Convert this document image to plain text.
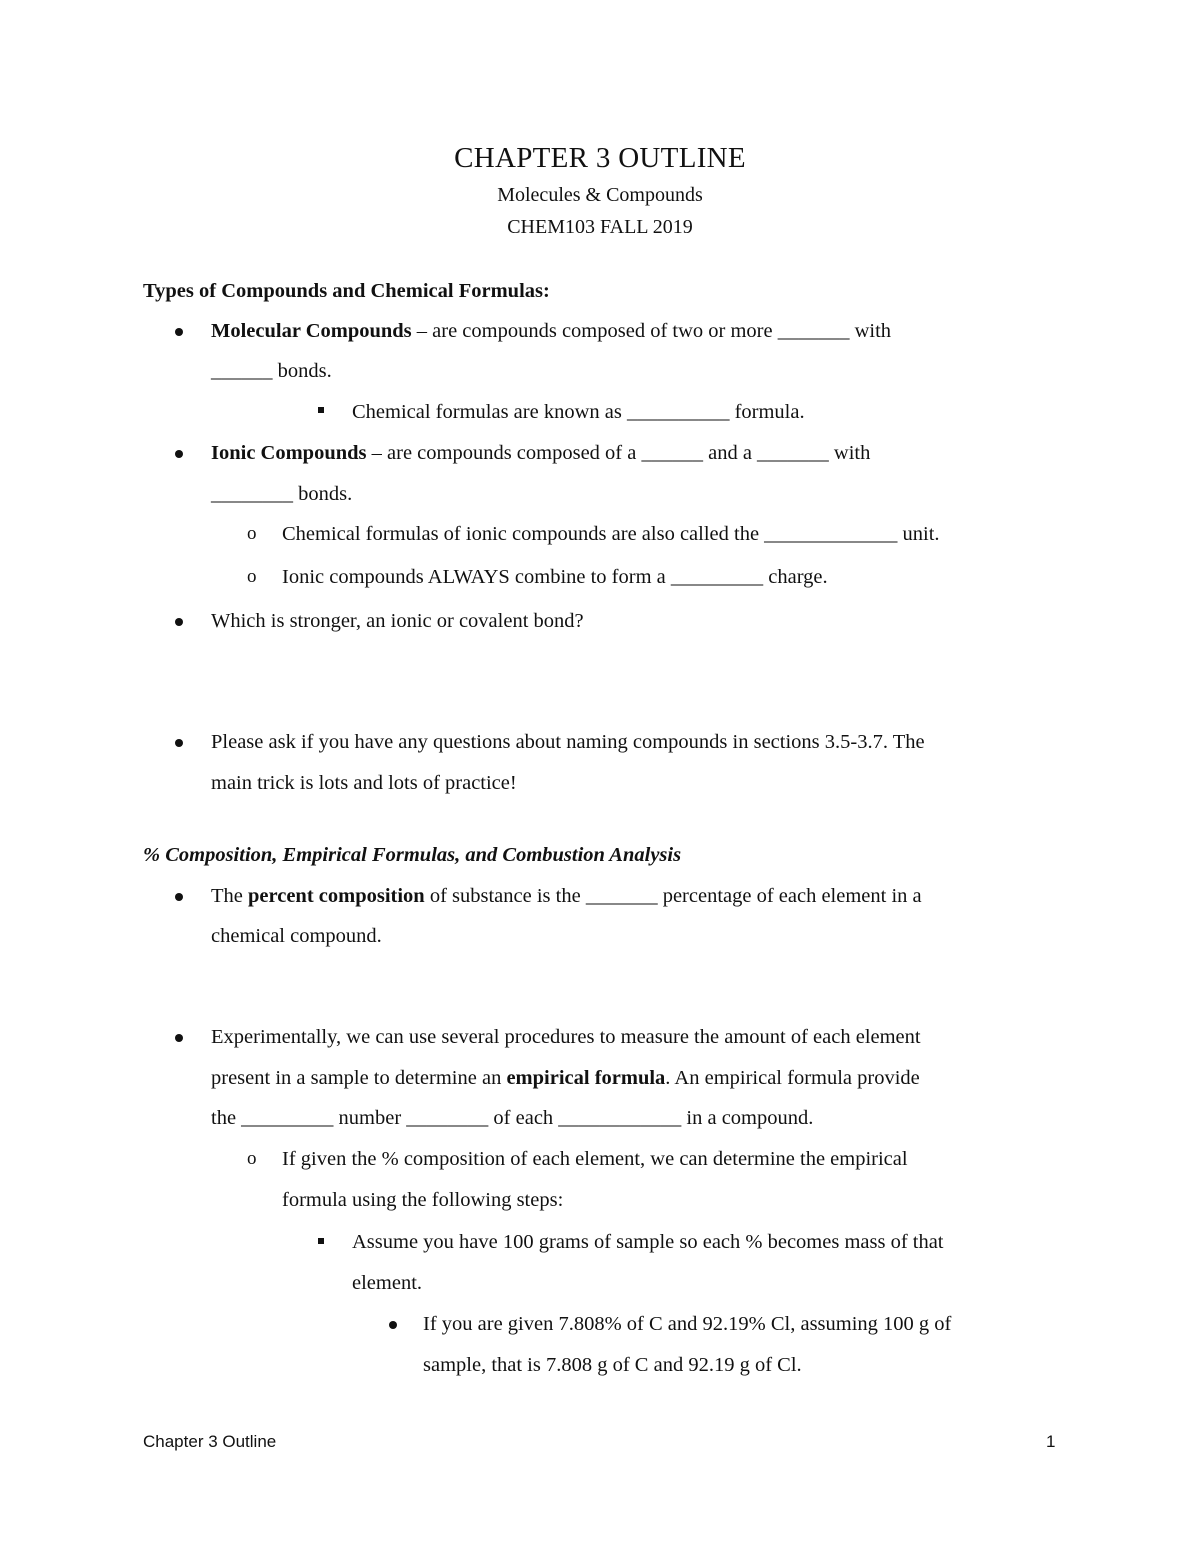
CHAPTER 3 OUTLINE
Molecules & Compounds
CHEM103 FALL 2019
Types of Compounds and Chemical Formulas:
Molecular Compounds – are compounds composed of two or more _______ with
______ bonds.
Chemical formulas are known as __________ formula.
Ionic Compounds – are compounds composed of a ______ and a _______ with
________ bonds.
o Chemical formulas of ionic compounds are also called the _____________ unit.
o Ionic compounds ALWAYS combine to form a _________ charge.
Which is stronger, an ionic or covalent bond?
Please ask if you have any questions about naming compounds in sections 3.5-3.7. The
main trick is lots and lots of practice!
% Composition, Empirical Formulas, and Combustion Analysis
The percent composition of substance is the _______ percentage of each element in a
chemical compound.
Experimentally, we can use several procedures to measure the amount of each element
present in a sample to determine an empirical formula. An empirical formula provide
the _________ number ________ of each ____________ in a compound.
o If given the % composition of each element, we can determine the empirical
formula using the following steps:
Assume you have 100 grams of sample so each % becomes mass of that
element.
If you are given 7.808% of C and 92.19% Cl, assuming 100 g of
sample, that is 7.808 g of C and 92.19 g of Cl.
Chapter 3 Outline	1
